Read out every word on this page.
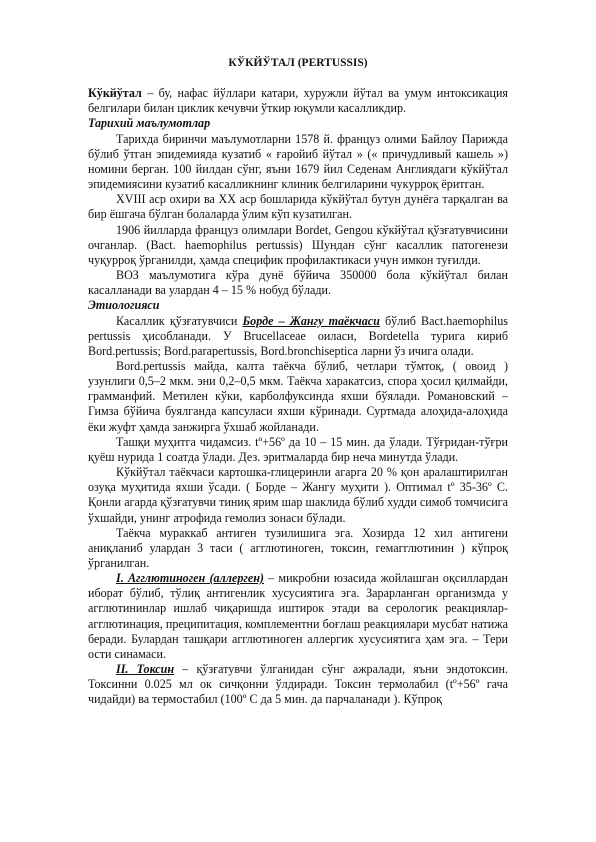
КЎКЙЎТАЛ (PERTUSSIS)

Кўкйўтал – бу, нафас йўллари катари, хуружли йўтал ва умум интоксикация белгилари билан циклик кечувчи ўткир юқумли касалликдир.

Тарихий маълумотлар

Тарихда биринчи маълумотларни 1578 й. француз олими Байлоу Парижда бўлиб ўтган эпидемияда кузатиб « ғаройиб йўтал » (« причудливый кашель ») номини берган. 100 йилдан сўнг, яъни 1679 йил Седенам Англиядаги кўкйўтал эпидемиясини кузатиб касалликнинг клиник белгиларини чукурроқ ёритган.

XVIII аср охири ва XX аср бошларида кўкйўтал бутун дунёга тарқалган ва бир ёшгача бўлган болаларда ўлим кўп кузатилган.

1906 йилларда француз олимлари Bordet, Gengou кўкйўтал қўзғатувчисини очганлар. (Bact. haemophilus pertussis) Шундан сўнг касаллик патогенези чуқурроқ ўрганилди, ҳамда специфик профилактикаси учун имкон туғилди.

ВОЗ маълумотига кўра дунё бўйича 350000 бола кўкйўтал билан касалланади ва улардан 4 – 15 % нобуд бўлади.

Этиологияси

Касаллик қўзғатувчиси Борде – Жангу таёкчаси бўлиб Bact.haemophilus pertussis ҳисобланади. У Brucellaceae оиласи, Bordetella турига кириб Bord.pertussis; Bord.parapertussis, Bord.bronchiseptica ларни ўз ичига олади.

Bord.pertussis майда, калта таёкча бўлиб, четлари тўмтоқ, ( овоид ) узунлиги 0,5–2 мкм. эни 0,2–0,5 мкм. Таёкча харакатсиз, спора ҳосил қилмайди, грамманфий. Метилен кўки, карболфуксинда яхши бўялади. Романовский – Гимза бўйича буялганда капсуласи яхши кўринади. Суртмада алоҳида-алоҳида ёки жуфт ҳамда занжирга ўхшаб жойланади.

Ташқи муҳитга чидамсиз. tº+56º да 10 – 15 мин. да ўлади. Тўғридан-тўғри қуёш нурида 1 соатда ўлади. Дез. эритмаларда бир неча минутда ўлади.

Кўкйўтал таёкчаси картошка-глицеринли агарга 20 % қон аралаштирилган озуқа муҳитида яхши ўсади. ( Борде – Жангу муҳити ). Оптимал tº 35-36º С. Қонли агарда қўзғатувчи тиниқ ярим шар шаклида бўлиб худди симоб томчисига ўхшайди, унинг атрофида гемолиз зонаси бўлади.

Таёкча мураккаб антиген тузилишига эга. Хозирда 12 хил антигени аниқланиб улардан 3 таси ( агглютиноген, токсин, гемагглютинин ) кўпроқ ўрганилган.

I. Агглютиноген (аллерген) – микробни юзасида жойлашган оқсиллардан иборат бўлиб, тўлиқ антигенлик хусусиятига эга. Зарарланган организмда у агглютининлар ишлаб чиқаришда иштирок этади ва серологик реакциялар-агглютинация, преципитация, комплементни боғлаш реакциялари мусбат натижа беради. Булардан ташқари агглютиноген аллергик хусусиятига ҳам эга. – Тери ости синамаси.

II. Токсин – қўзғатувчи ўлганидан сўнг ажралади, яъни эндотоксин. Токсинни 0.025 мл ок сичқонни ўлдиради. Токсин термолабил (tº+56º гача чидайди) ва термостабил (100º С да 5 мин. да парчаланади ). Кўпроқ
